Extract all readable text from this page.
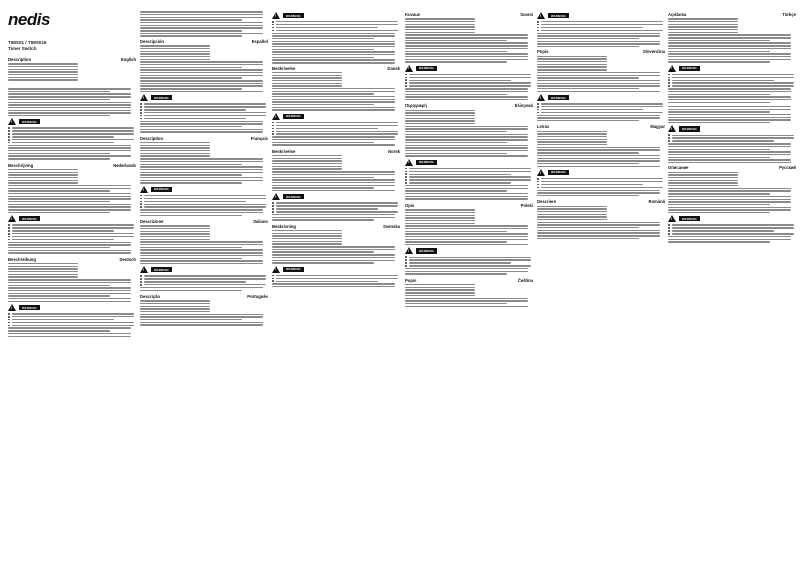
nedis
TIMS01 / TIMS016
Timer Switch
Description	English

!
WARNING
Beschrijving	Nederlands
!
WARNING
Beschreibung	Deutsch
!
WARNING
Descripción	Español
!
WARNING
Description	Français
!
WARNING
Descrizione	Italiano
!
WARNING
Descrição	Português
!
WARNING
Beskrivelse	Dansk
!
WARNING
Beskrivelse	Norsk
!
WARNING
Beskrivning	Svenska
!
WARNING
Kuvaus	Suomi
!
WARNING
Περιγραφή	Ελληνικά
!
WARNING
Opis	Polski
!
WARNING
Popis	Čeština
!
WARNING
Popis	Slovenčina
!
WARNING
Leírás	Magyar
!
WARNING
Descriere	Română
Açıklama	Türkçe
!
WARNING
!
WARNING
Описание	Русский
!
WARNING
